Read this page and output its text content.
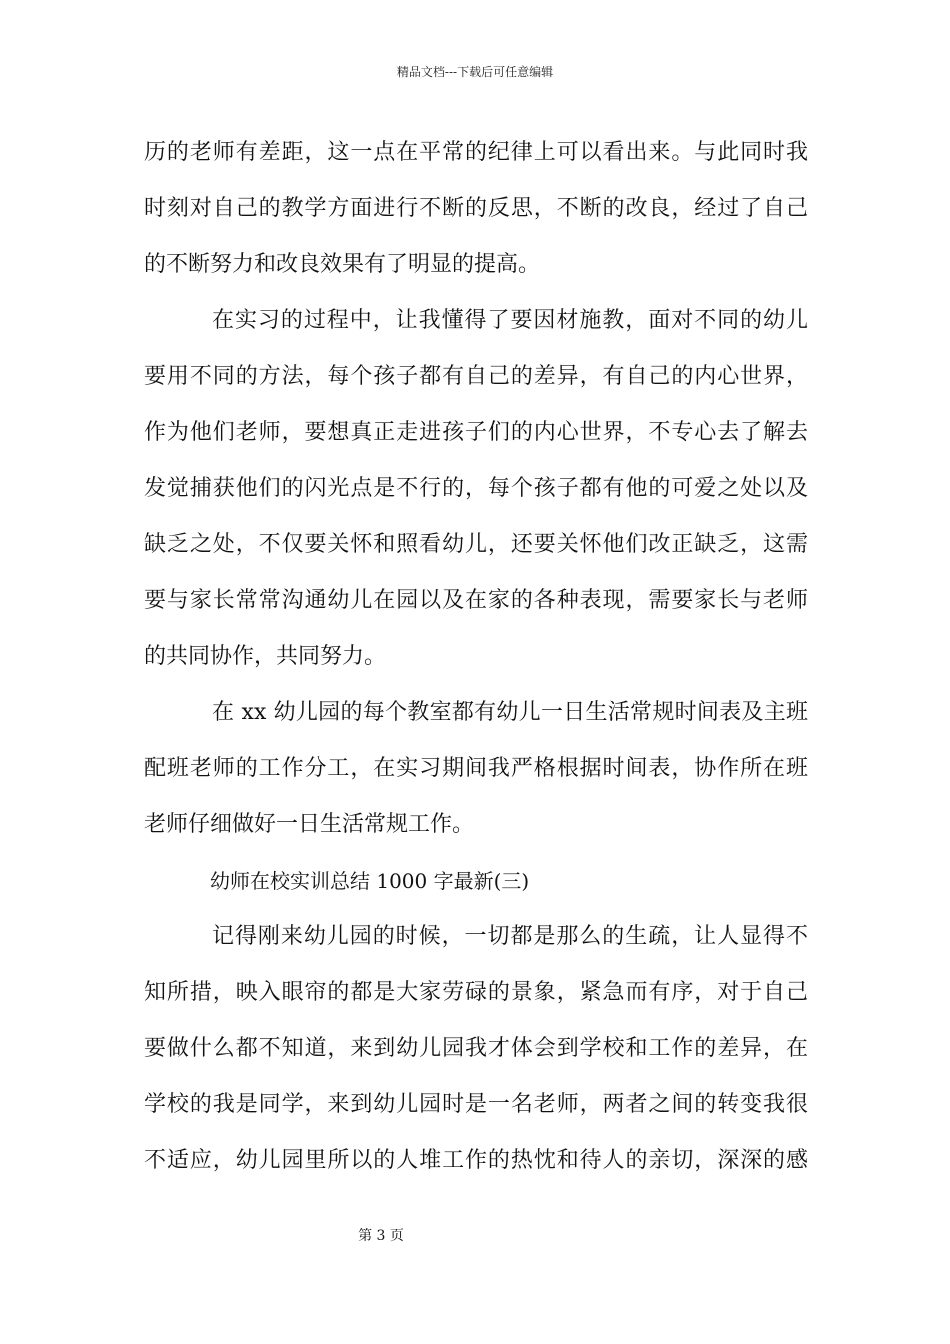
精品文档---下载后可任意编辑
历的老师有差距，这一点在平常的纪律上可以看出来。与此同时我
时刻对自己的教学方面进行不断的反思，不断的改良，经过了自己
的不断努力和改良效果有了明显的提高。
在实习的过程中，让我懂得了要因材施教，面对不同的幼儿
要用不同的方法，每个孩子都有自己的差异，有自己的内心世界，
作为他们老师，要想真正走进孩子们的内心世界，不专心去了解去
发觉捕获他们的闪光点是不行的，每个孩子都有他的可爱之处以及
缺乏之处，不仅要关怀和照看幼儿，还要关怀他们改正缺乏，这需
要与家长常常沟通幼儿在园以及在家的各种表现，需要家长与老师
的共同协作，共同努力。
在 xx 幼儿园的每个教室都有幼儿一日生活常规时间表及主班
配班老师的工作分工，在实习期间我严格根据时间表，协作所在班
老师仔细做好一日生活常规工作。
幼师在校实训总结 1000 字最新(三)
记得刚来幼儿园的时候，一切都是那么的生疏，让人显得不
知所措，映入眼帘的都是大家劳碌的景象，紧急而有序，对于自己
要做什么都不知道，来到幼儿园我才体会到学校和工作的差异，在
学校的我是同学，来到幼儿园时是一名老师，两者之间的转变我很
不适应，幼儿园里所以的人堆工作的热忱和待人的亲切，深深的感
第 3 页
